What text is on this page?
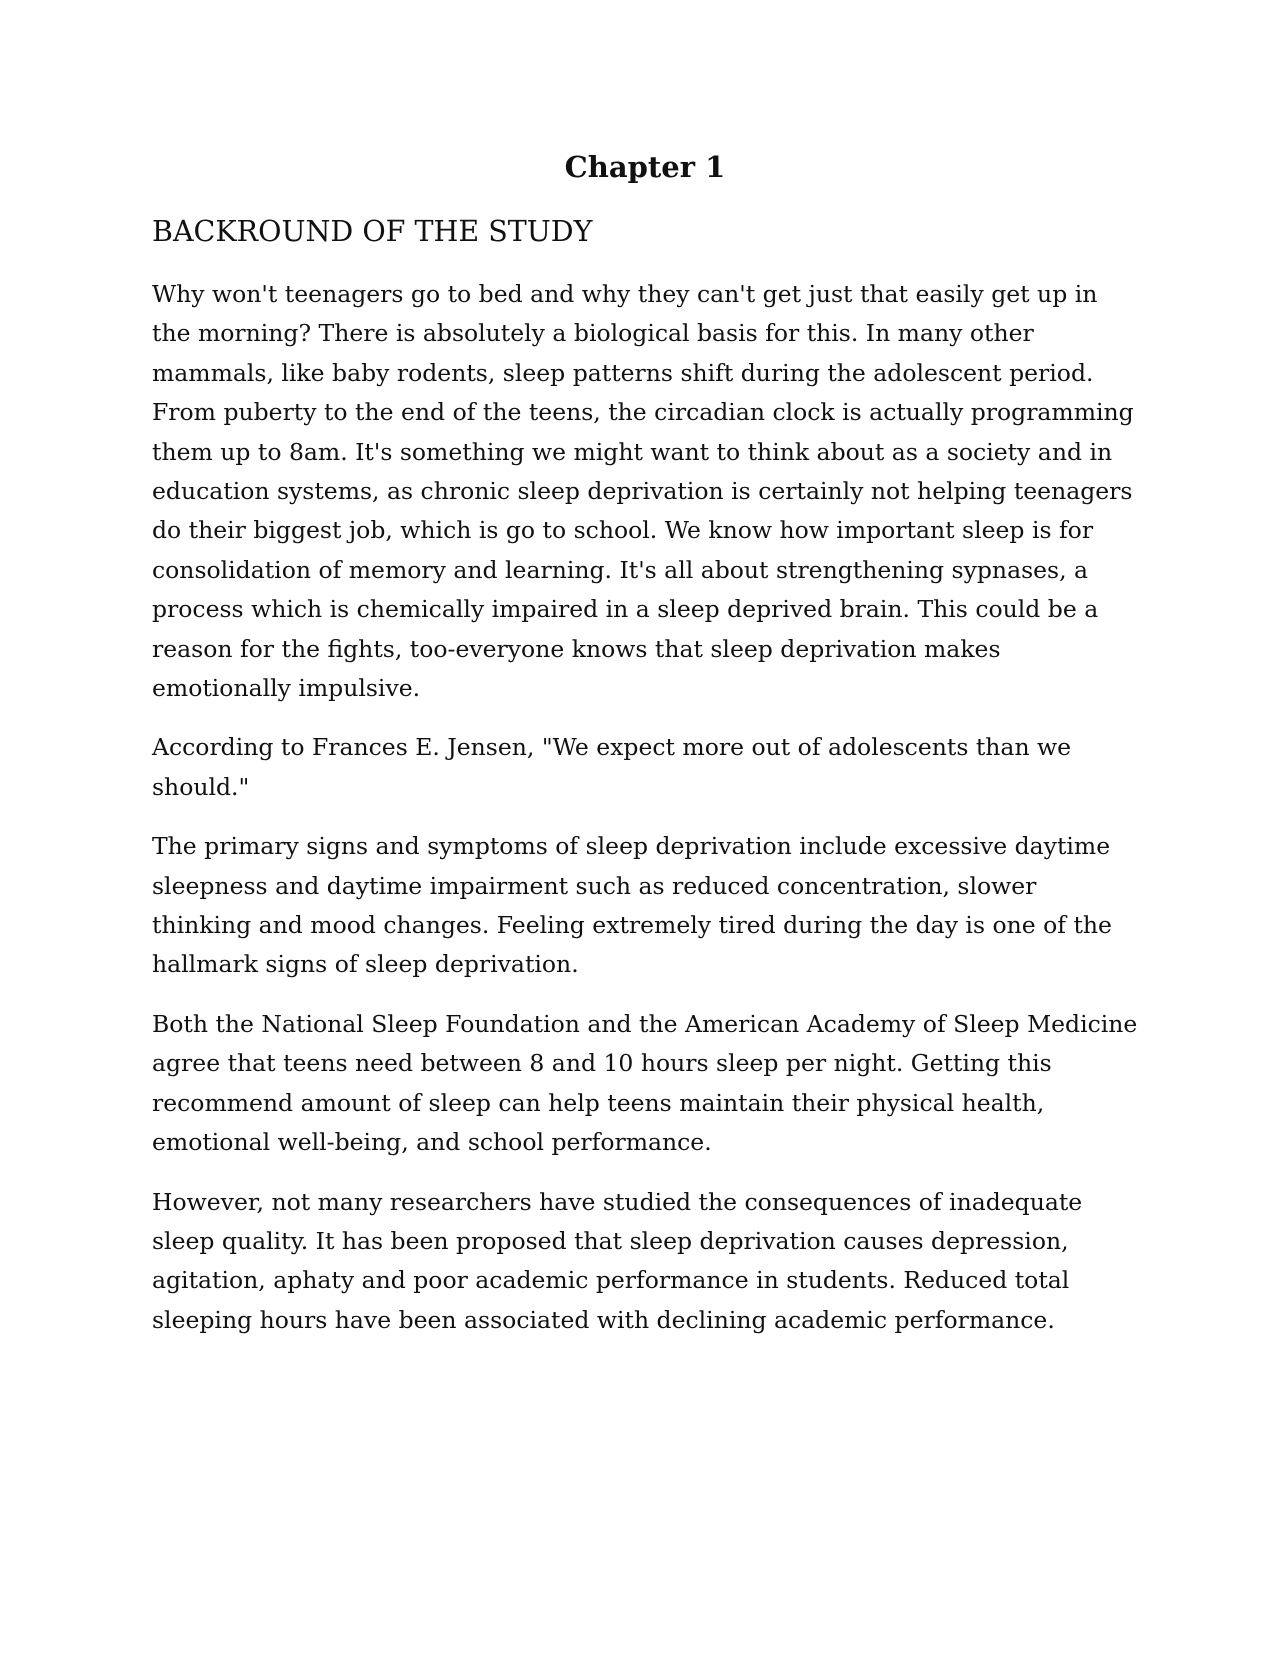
Chapter 1
BACKROUND OF THE STUDY

Why won't teenagers go to bed and why they can't get just that easily get up in the morning? There is absolutely a biological basis for this. In many other mammals, like baby rodents, sleep patterns shift during the adolescent period. From puberty to the end of the teens, the circadian clock is actually programming them up to 8am. It's something we might want to think about as a society and in education systems, as chronic sleep deprivation is certainly not helping teenagers do their biggest job, which is go to school. We know how important sleep is for consolidation of memory and learning. It's all about strengthening sypnases, a process which is chemically impaired in a sleep deprived brain. This could be a reason for the fights, too-everyone knows that sleep deprivation makes emotionally impulsive.

According to Frances E. Jensen, "We expect more out of adolescents than we should."

The primary signs and symptoms of sleep deprivation include excessive daytime sleepness and daytime impairment such as reduced concentration, slower thinking and mood changes. Feeling extremely tired during the day is one of the hallmark signs of sleep deprivation.

Both the National Sleep Foundation and the American Academy of Sleep Medicine agree that teens need between 8 and 10 hours sleep per night. Getting this recommend amount of sleep can help teens maintain their physical health, emotional well-being, and school performance.

However, not many researchers have studied the consequences of inadequate sleep quality. It has been proposed that sleep deprivation causes depression, agitation, aphaty and poor academic performance in students. Reduced total sleeping hours have been associated with declining academic performance.
